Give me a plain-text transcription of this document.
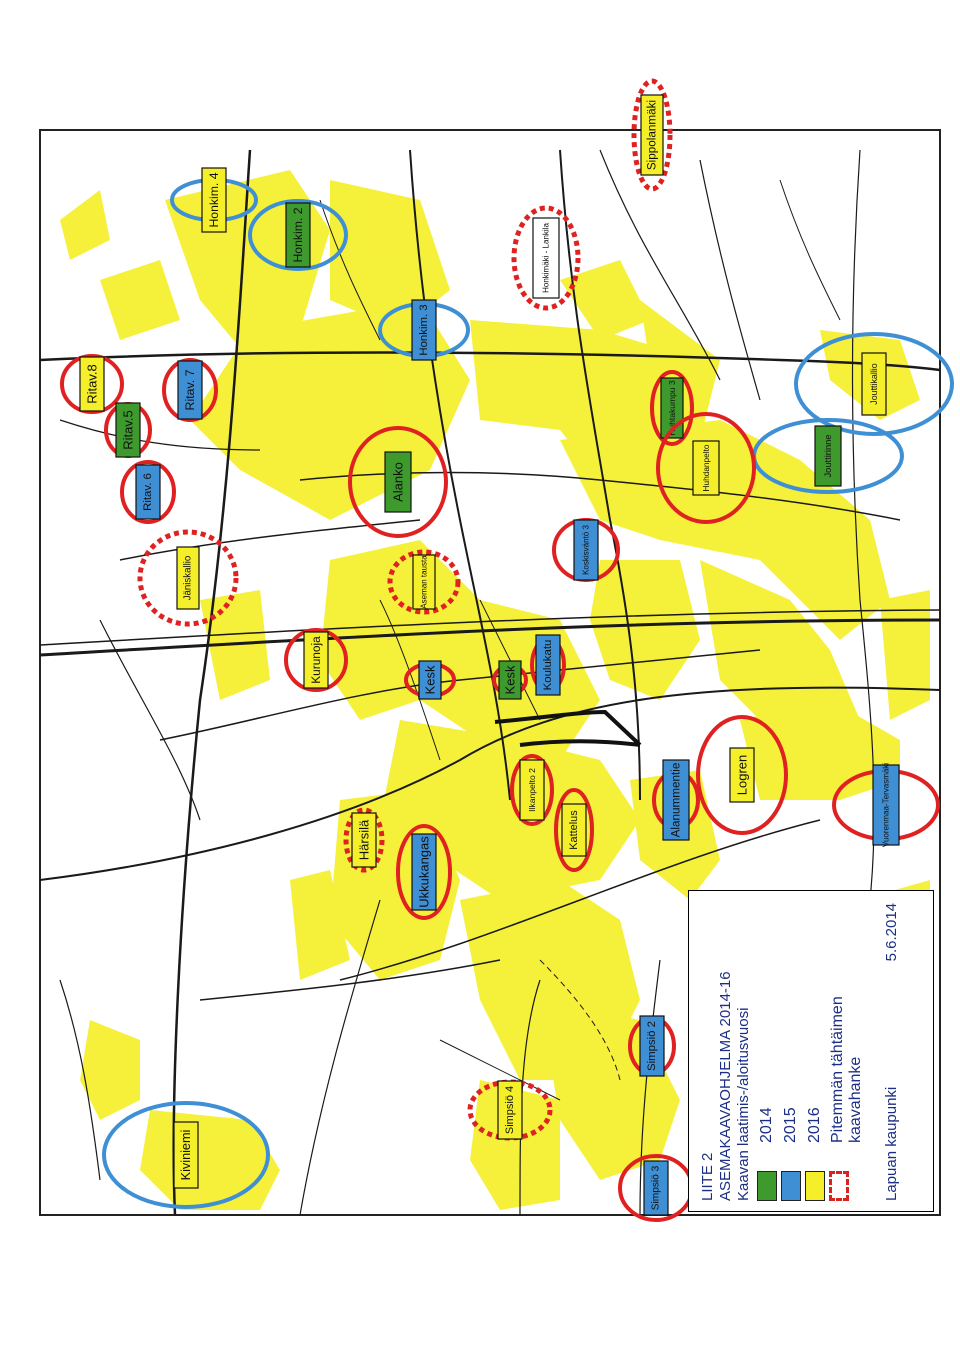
Sippolanmäki
Honkim. 4
Honkim. 2	Honkimäki - Lankila
Honkim. 3
Ritav.8
Ritav.5
Ritav. 7
Ritav. 6	Alanko
Huhtakumpu 3	Jouttikallio
Jouttirinne
Huhdanpelto
Jäniskallio	Aseman tausta
Koskisväntö 3
Kurunoja	Kesk	Kesk Koulukatu
Ilkanpelto 2	Logren
Härsilä	Kattelus	Alanummentie
Ukkukangas
Vuorenmaa-Tervasmäki
Simpsiö 2
Simpsiö 4
Kiviniemi
Simpsiö 3	LIITE 2 ASEMAKAAVAOHJELMA 2014-16 Kaavan laatimis-/aloitusvuosi 2014 2015 2016 Pitemmän tähtäimen kaavahanke Lapuan kaupunki
5.6.2014
